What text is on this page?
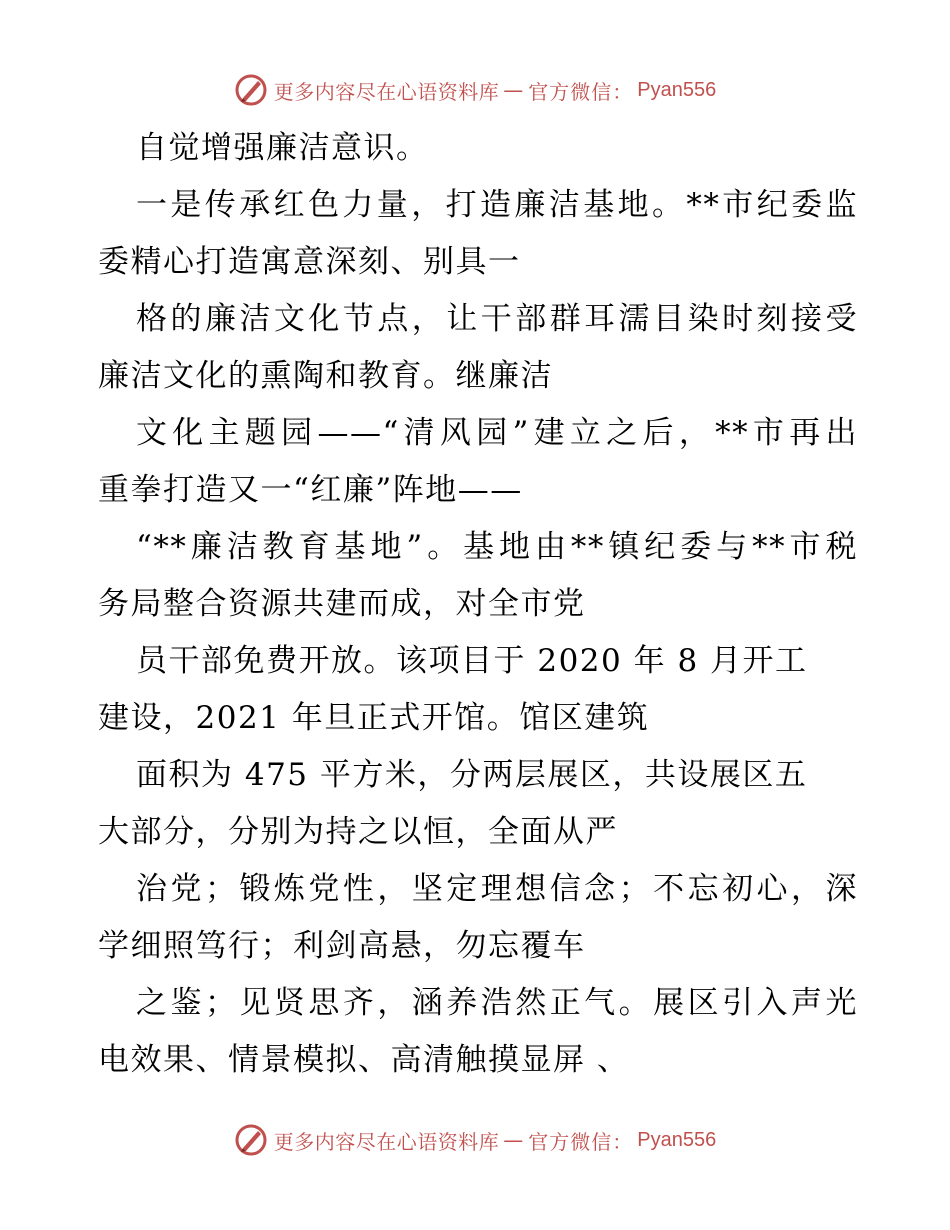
更多内容尽在心语资料库 — 官方微信： Pyan556
自觉增强廉洁意识。
一是传承红色力量，打造廉洁基地。**市纪委监
委精心打造寓意深刻、别具一
格的廉洁文化节点，让干部群耳濡目染时刻接受
廉洁文化的熏陶和教育。继廉洁
文化主题园——“清风园”建立之后，**市再出
重拳打造又一“红廉”阵地——
“**廉洁教育基地”。基地由**镇纪委与**市税
务局整合资源共建而成，对全市党
员干部免费开放。该项目于 2020 年 8 月开工
建设，2021 年旦正式开馆。馆区建筑
面积为 475 平方米，分两层展区，共设展区五
大部分，分别为持之以恒，全面从严
治党；锻炼党性，坚定理想信念；不忘初心，深
学细照笃行；利剑高悬，勿忘覆车
之鉴；见贤思齐，涵养浩然正气。展区引入声光
电效果、情景模拟、高清触摸显屏 、
更多内容尽在心语资料库 — 官方微信： Pyan556
